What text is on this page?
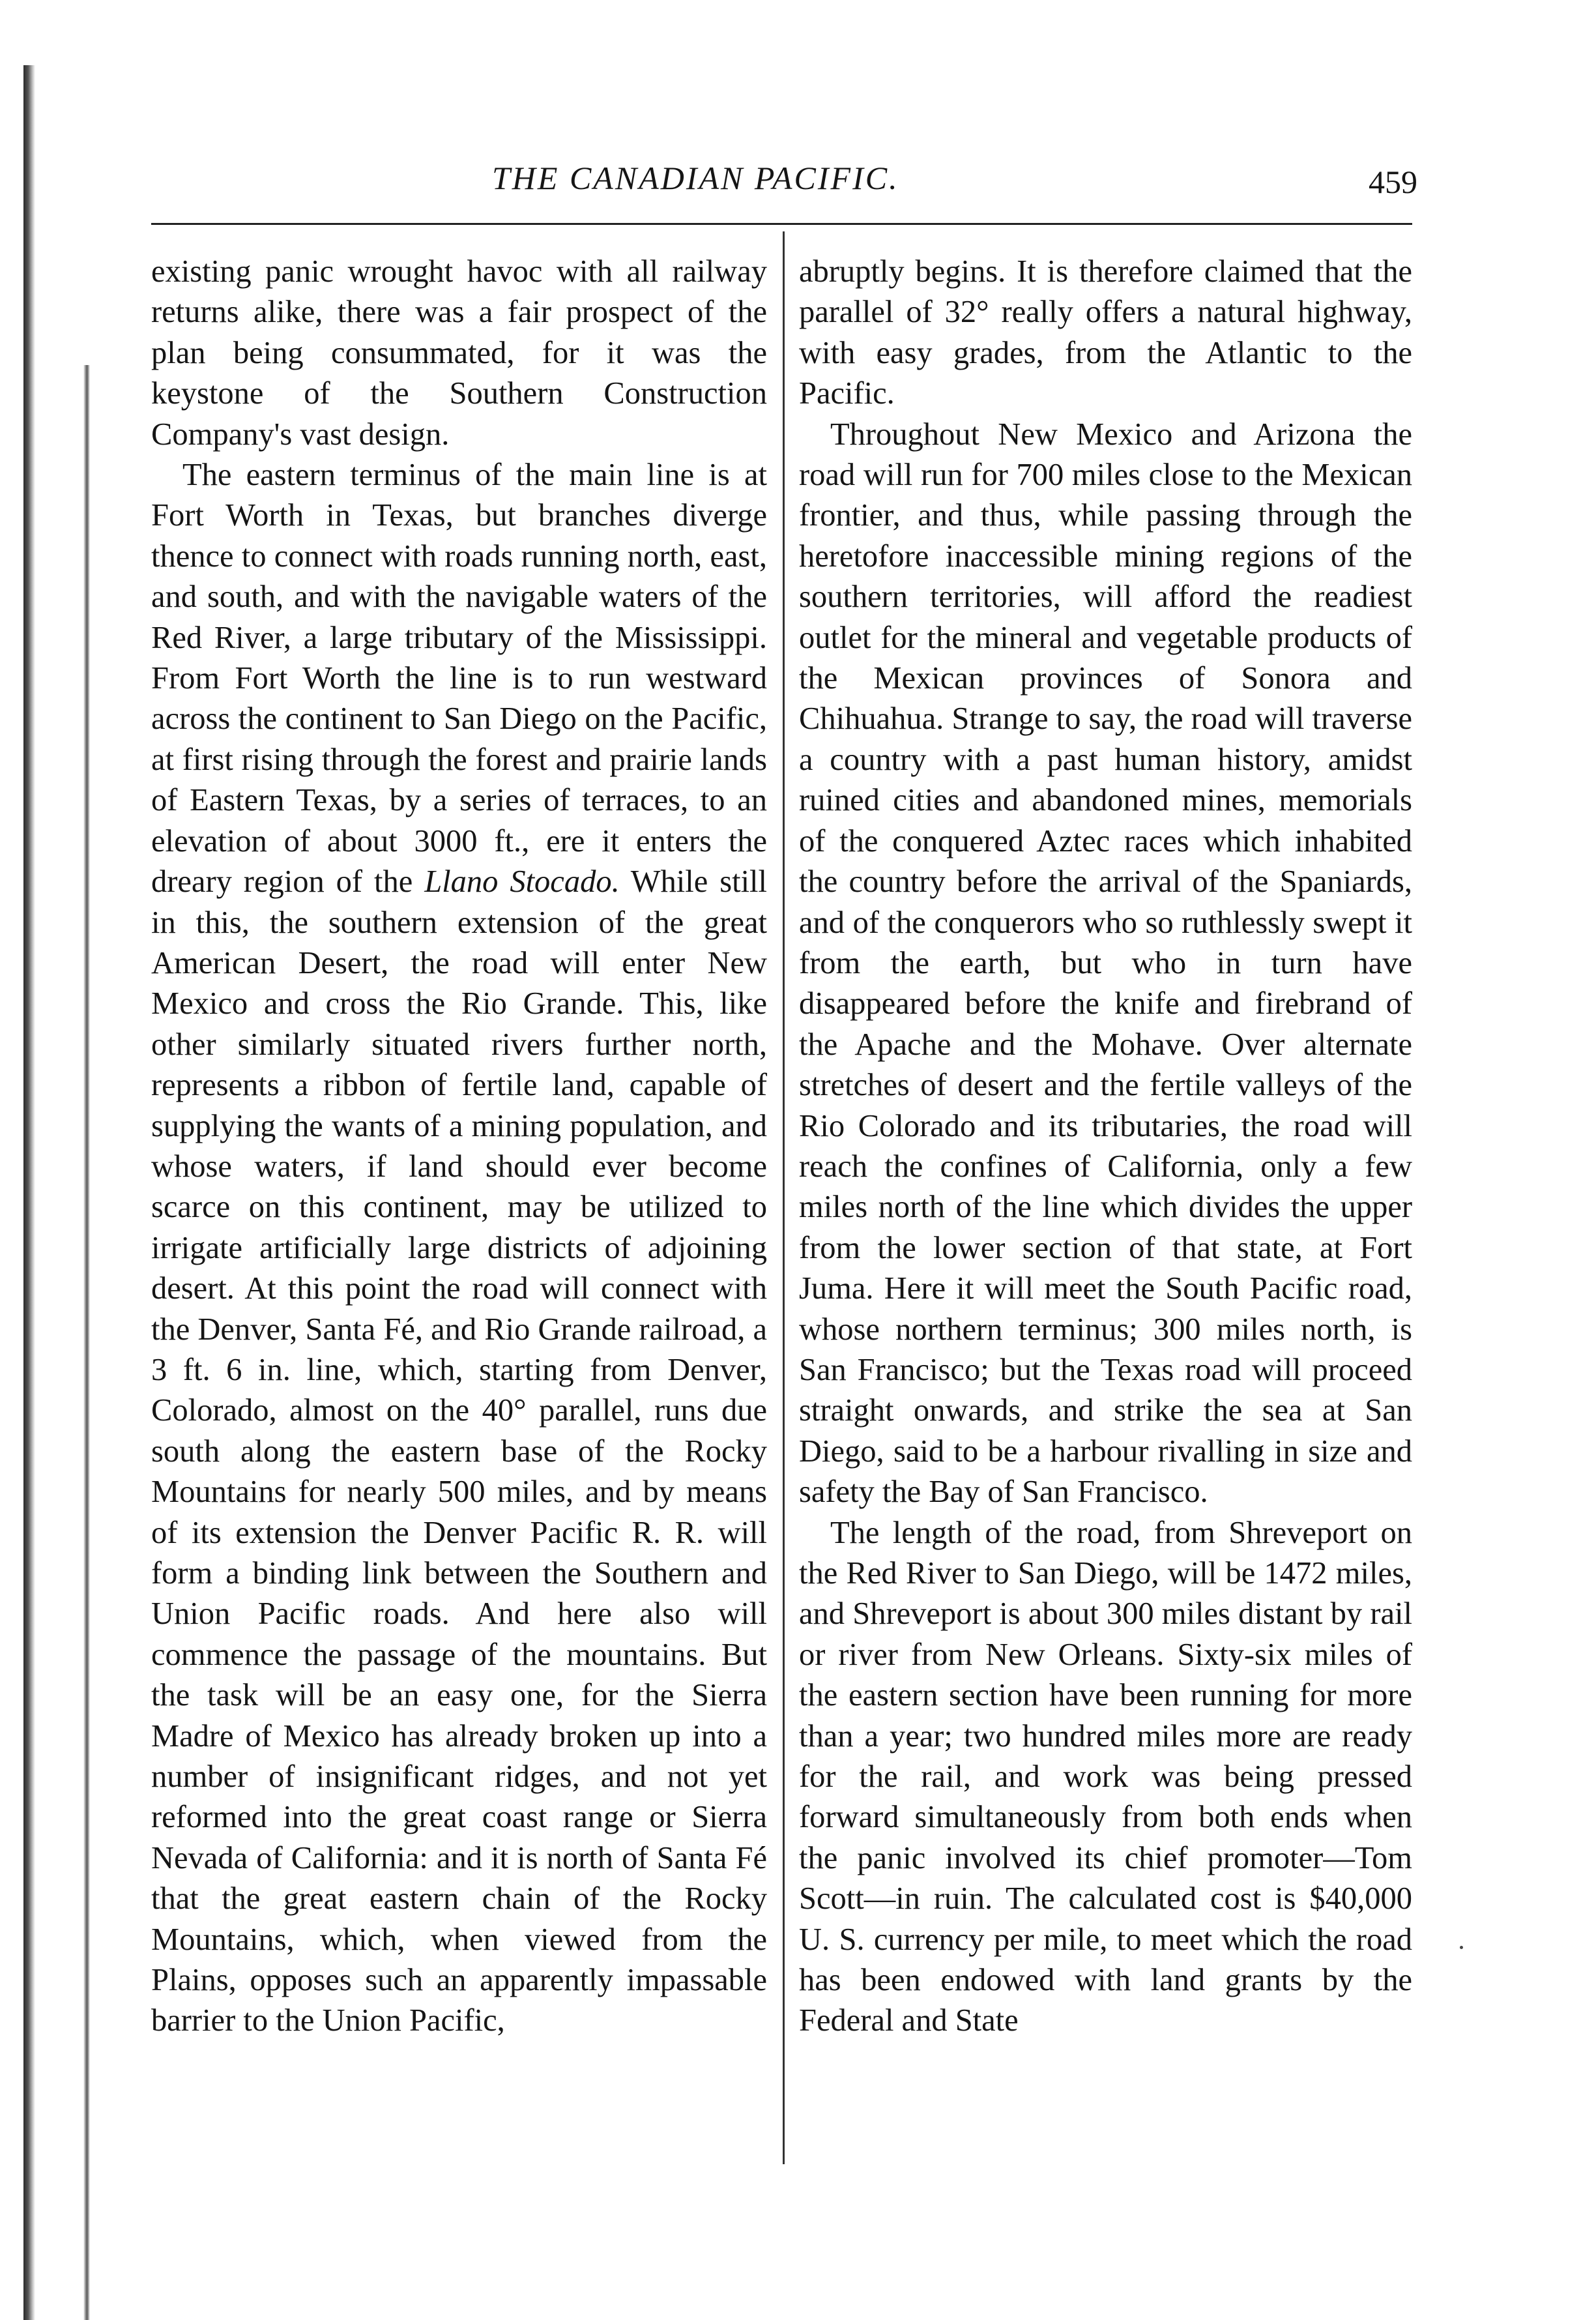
THE CANADIAN PACIFIC.	459

existing panic wrought havoc with all railway returns alike, there was a fair prospect of the plan being consummated, for it was the keystone of the Southern Construction Company's vast design.

The eastern terminus of the main line is at Fort Worth in Texas, but branches diverge thence to connect with roads running north, east, and south, and with the navigable waters of the Red River, a large tributary of the Mississippi. From Fort Worth the line is to run westward across the continent to San Diego on the Pacific, at first rising through the forest and prairie lands of Eastern Texas, by a series of terraces, to an elevation of about 3000 ft., ere it enters the dreary region of the Llano Stocado. While still in this, the southern extension of the great American Desert, the road will enter New Mexico and cross the Rio Grande. This, like other similarly situated rivers further north, represents a ribbon of fertile land, capable of supplying the wants of a mining population, and whose waters, if land should ever become scarce on this continent, may be utilized to irrigate artificially large districts of adjoining desert. At this point the road will connect with the Denver, Santa Fé, and Rio Grande railroad, a 3 ft. 6 in. line, which, starting from Denver, Colorado, almost on the 40° parallel, runs due south along the eastern base of the Rocky Mountains for nearly 500 miles, and by means of its extension the Denver Pacific R. R. will form a binding link between the Southern and Union Pacific roads. And here also will commence the passage of the mountains. But the task will be an easy one, for the Sierra Madre of Mexico has already broken up into a number of insignificant ridges, and not yet reformed into the great coast range or Sierra Nevada of California: and it is north of Santa Fé that the great eastern chain of the Rocky Mountains, which, when viewed from the Plains, opposes such an apparently impassable barrier to the Union Pacific,

abruptly begins. It is therefore claimed that the parallel of 32° really offers a natural highway, with easy grades, from the Atlantic to the Pacific.

Throughout New Mexico and Arizona the road will run for 700 miles close to the Mexican frontier, and thus, while passing through the heretofore inaccessible mining regions of the southern territories, will afford the readiest outlet for the mineral and vegetable products of the Mexican provinces of Sonora and Chihuahua. Strange to say, the road will traverse a country with a past human history, amidst ruined cities and abandoned mines, memorials of the conquered Aztec races which inhabited the country before the arrival of the Spaniards, and of the conquerors who so ruthlessly swept it from the earth, but who in turn have disappeared before the knife and firebrand of the Apache and the Mohave. Over alternate stretches of desert and the fertile valleys of the Rio Colorado and its tributaries, the road will reach the confines of California, only a few miles north of the line which divides the upper from the lower section of that state, at Fort Juma. Here it will meet the South Pacific road, whose northern terminus; 300 miles north, is San Francisco; but the Texas road will proceed straight onwards, and strike the sea at San Diego, said to be a harbour rivalling in size and safety the Bay of San Francisco.

The length of the road, from Shreveport on the Red River to San Diego, will be 1472 miles, and Shreveport is about 300 miles distant by rail or river from New Orleans. Sixty-six miles of the eastern section have been running for more than a year; two hundred miles more are ready for the rail, and work was being pressed forward simultaneously from both ends when the panic involved its chief promoter—Tom Scott—in ruin. The calculated cost is $40,000 U. S. currency per mile, to meet which the road has been endowed with land grants by the Federal and State
